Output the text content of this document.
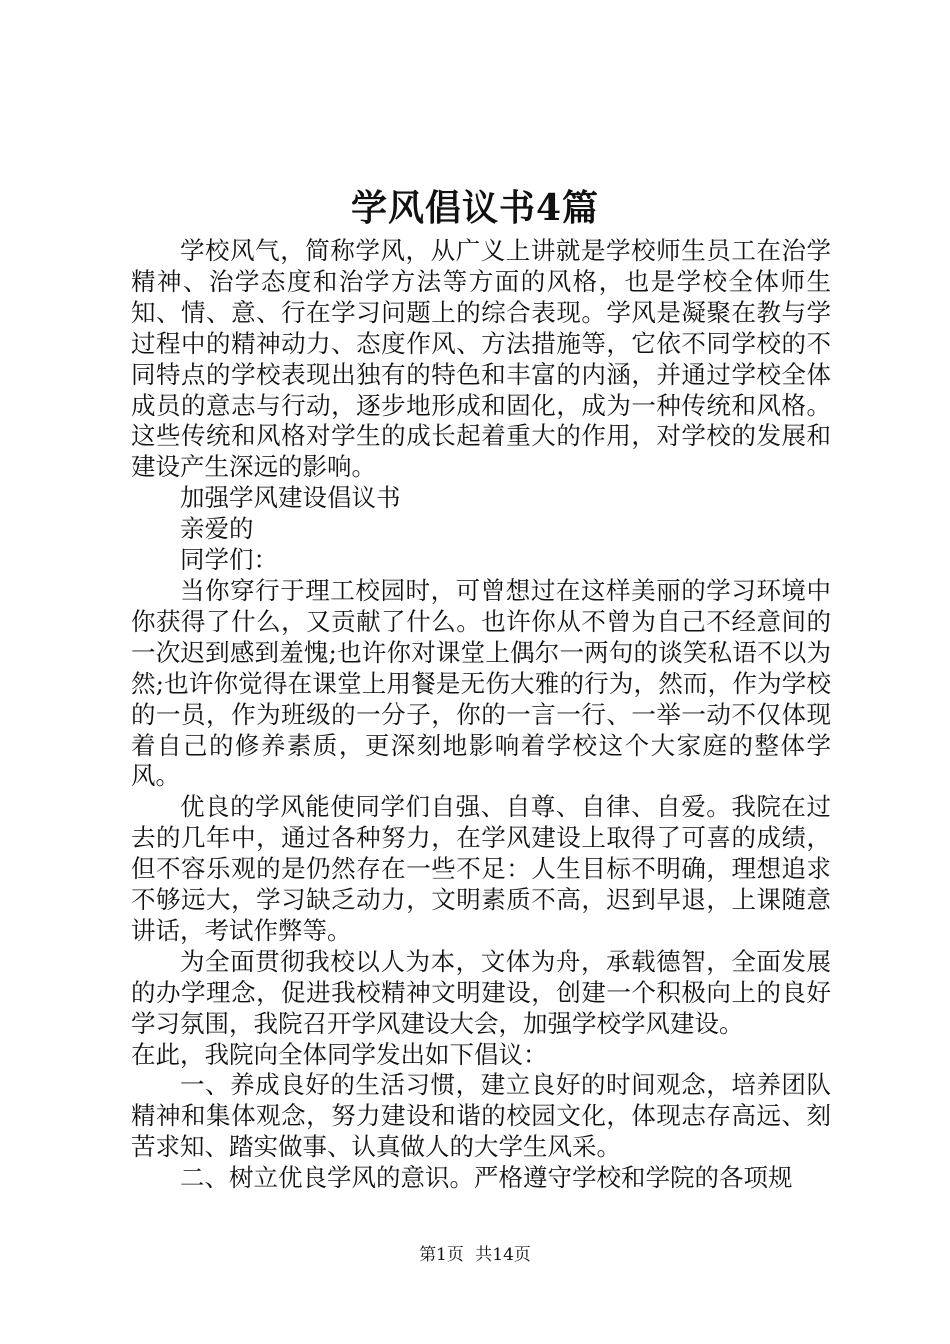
学风倡议书4篇

学校风气，简称学风，从广义上讲就是学校师生员工在治学精神、治学态度和治学方法等方面的风格，也是学校全体师生知、情、意、行在学习问题上的综合表现。学风是凝聚在教与学过程中的精神动力、态度作风、方法措施等，它依不同学校的不同特点的学校表现出独有的特色和丰富的内涵，并通过学校全体成员的意志与行动，逐步地形成和固化，成为一种传统和风格。这些传统和风格对学生的成长起着重大的作用，对学校的发展和建设产生深远的影响。

加强学风建设倡议书

亲爱的

同学们：

当你穿行于理工校园时，可曾想过在这样美丽的学习环境中你获得了什么，又贡献了什么。也许你从不曾为自己不经意间的一次迟到感到羞愧;也许你对课堂上偶尔一两句的谈笑私语不以为然;也许你觉得在课堂上用餐是无伤大雅的行为，然而，作为学校的一员，作为班级的一分子，你的一言一行、一举一动不仅体现着自己的修养素质，更深刻地影响着学校这个大家庭的整体学风。

优良的学风能使同学们自强、自尊、自律、自爱。我院在过去的几年中，通过各种努力，在学风建设上取得了可喜的成绩，但不容乐观的是仍然存在一些不足：人生目标不明确，理想追求不够远大，学习缺乏动力，文明素质不高，迟到早退，上课随意讲话，考试作弊等。

为全面贯彻我校以人为本，文体为舟，承载德智，全面发展的办学理念，促进我校精神文明建设，创建一个积极向上的良好学习氛围，我院召开学风建设大会，加强学校学风建设。

在此，我院向全体同学发出如下倡议：

一、养成良好的生活习惯，建立良好的时间观念，培养团队精神和集体观念，努力建设和谐的校园文化，体现志存高远、刻苦求知、踏实做事、认真做人的大学生风采。

二、树立优良学风的意识。严格遵守学校和学院的各项规

第1页 共14页
